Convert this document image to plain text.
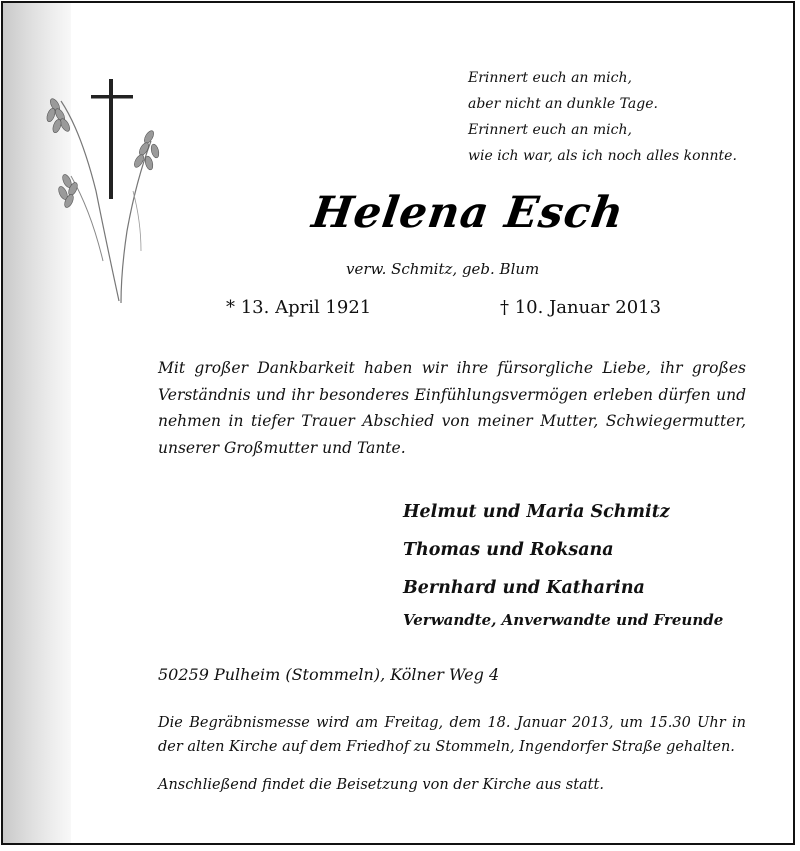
Erinnert euch an mich,
aber nicht an dunkle Tage.
Erinnert euch an mich,
wie ich war, als ich noch alles konnte.
Helena Esch
verw. Schmitz, geb. Blum
* 13. April 1921	† 10. Januar 2013
Mit großer Dankbarkeit haben wir ihre fürsorgliche Liebe, ihr großes Verständnis und ihr besonderes Einfühlungsvermögen erleben dürfen und nehmen in tiefer Trauer Abschied von meiner Mutter, Schwiegermutter, unserer Großmutter und Tante.
Helmut und Maria Schmitz
Thomas und Roksana
Bernhard und Katharina
Verwandte, Anverwandte und Freunde
50259 Pulheim (Stommeln), Kölner Weg 4
Die Begräbnismesse wird am Freitag, dem 18. Januar 2013, um 15.30 Uhr in der alten Kirche auf dem Friedhof zu Stommeln, Ingendorfer Straße gehalten.
Anschließend findet die Beisetzung von der Kirche aus statt.
